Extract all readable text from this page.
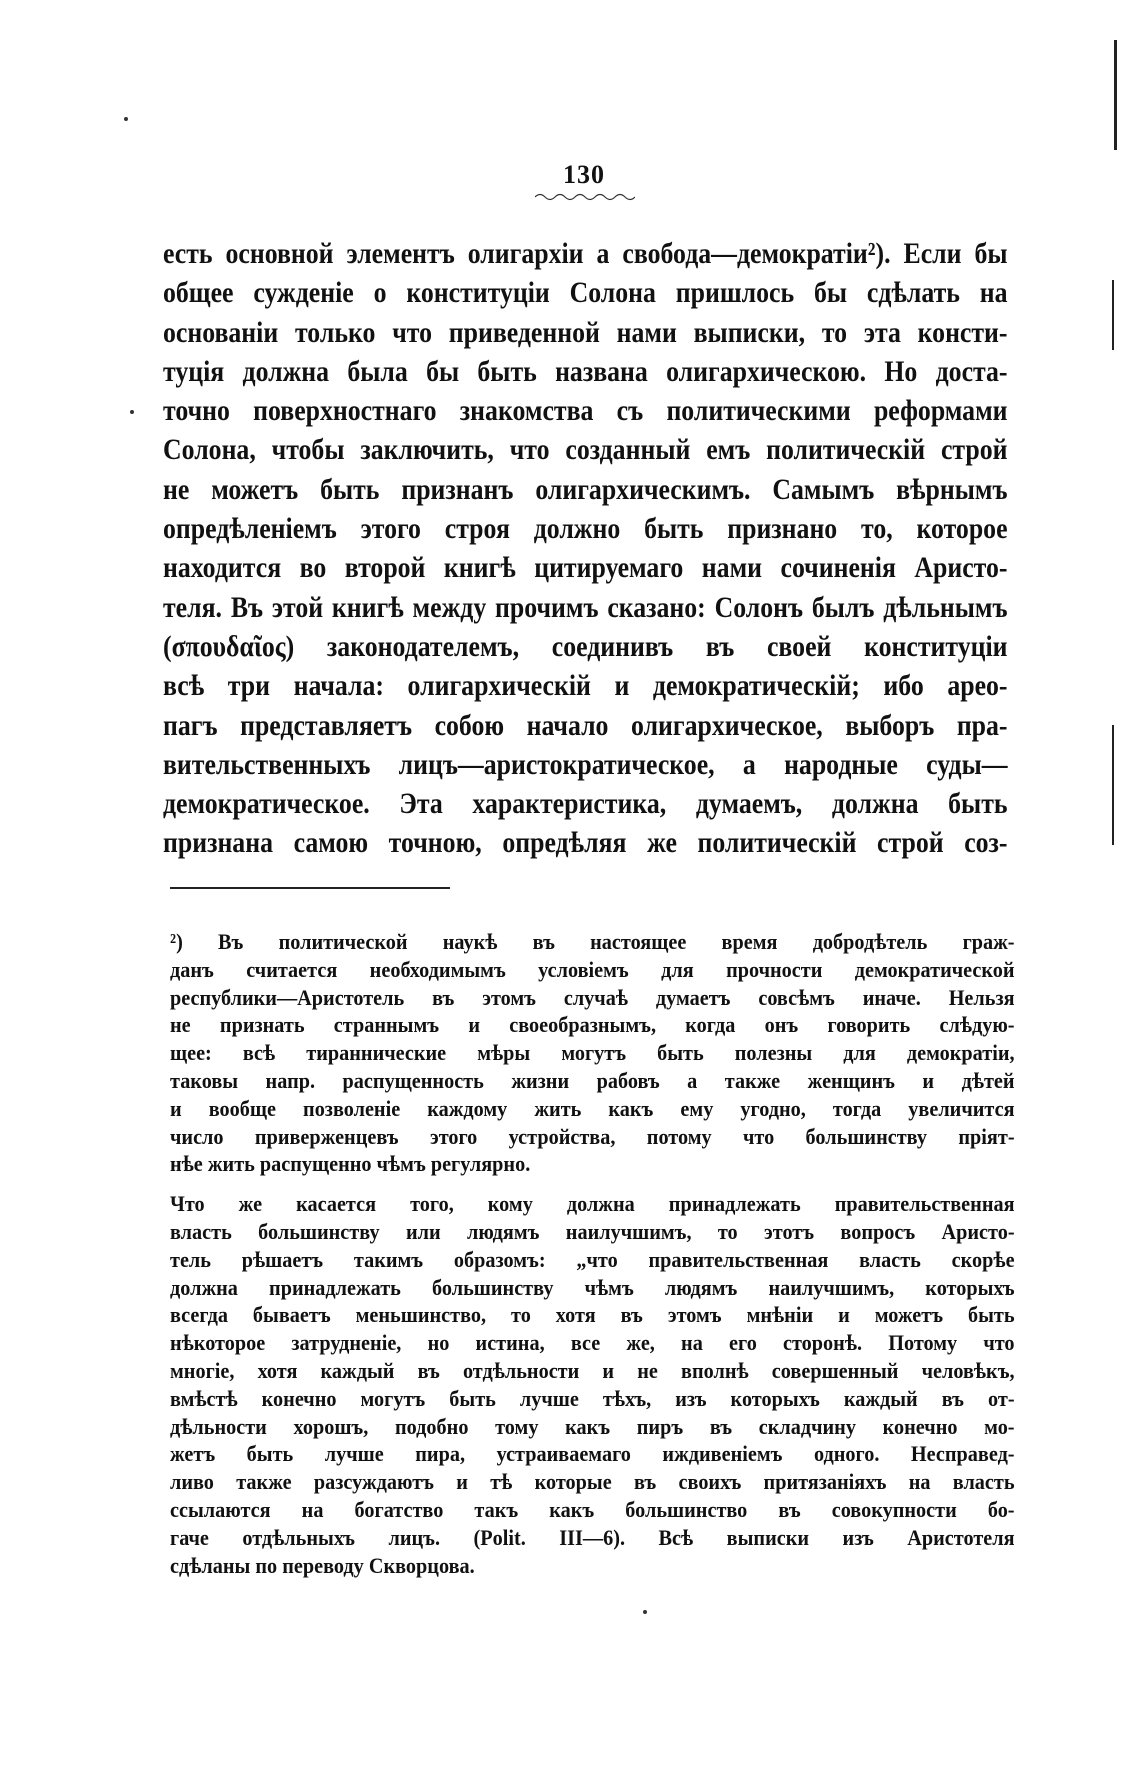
130
есть основной элементъ олигархіи а свобода—демократіи²). Если бы
общее сужденіе о конституціи Солона пришлось бы сдѣлать на
основаніи только что приведенной нами выписки, то эта консти-
туція должна была бы быть названа олигархическою. Но доста-
точно поверхностнаго знакомства съ политическими реформами
Солона, чтобы заключить, что созданный емъ политическій строй
не можетъ быть признанъ олигархическимъ. Самымъ вѣрнымъ
опредѣленіемъ этого строя должно быть признано то, которое
находится во второй книгѣ цитируемаго нами сочиненія Аристо-
теля. Въ этой книгѣ между прочимъ сказано: Солонъ былъ дѣльнымъ
(σπουδαῖος) законодателемъ, соединивъ въ своей конституціи
всѣ три начала: олигархическій и демократическій; ибо арео-
пагъ представляетъ собою начало олигархическое, выборъ пра-
вительственныхъ лицъ—аристократическое, а народные суды—
демократическое. Эта характеристика, думаемъ, должна быть
признана самою точною, опредѣляя же политическій строй соз-
²) Въ политической наукѣ въ настоящее время добродѣтель граж-
данъ считается необходимымъ условіемъ для прочности демократической
республики—Аристотель въ этомъ случаѣ думаетъ совсѣмъ иначе. Нельзя
не признать страннымъ и своеобразнымъ, когда онъ говорить слѣдую-
щее: всѣ тираннические мѣры могутъ быть полезны для демократіи,
таковы напр. распущенность жизни рабовъ а также женщинъ и дѣтей
и вообще позволеніе каждому жить какъ ему угодно, тогда увеличится
число приверженцевъ этого устройства, потому что большинству пріят-
нѣе жить распущенно чѣмъ регулярно.
Что же касается того, кому должна принадлежать правительственная
власть большинству или людямъ наилучшимъ, то этотъ вопросъ Аристо-
тель рѣшаетъ такимъ образомъ: „что правительственная власть скорѣе
должна принадлежать большинству чѣмъ людямъ наилучшимъ, которыхъ
всегда бываетъ меньшинство, то хотя въ этомъ мнѣніи и можетъ быть
нѣкоторое затрудненіе, но истина, все же, на его сторонѣ. Потому что
многіе, хотя каждый въ отдѣльности и не вполнѣ совершенный человѣкъ,
вмѣстѣ конечно могутъ быть лучше тѣхъ, изъ которыхъ каждый въ от-
дѣльности хорошъ, подобно тому какъ пиръ въ складчину конечно мо-
жетъ быть лучше пира, устраиваемаго иждивеніемъ одного. Несправед-
ливо также разсуждаютъ и тѣ которые въ своихъ притязаніяхъ на власть
ссылаются на богатство такъ какъ большинство въ совокупности бо-
гаче отдѣльныхъ лицъ. (Polit. III—6). Всѣ выписки изъ Аристотеля
сдѣланы по переводу Скворцова.
